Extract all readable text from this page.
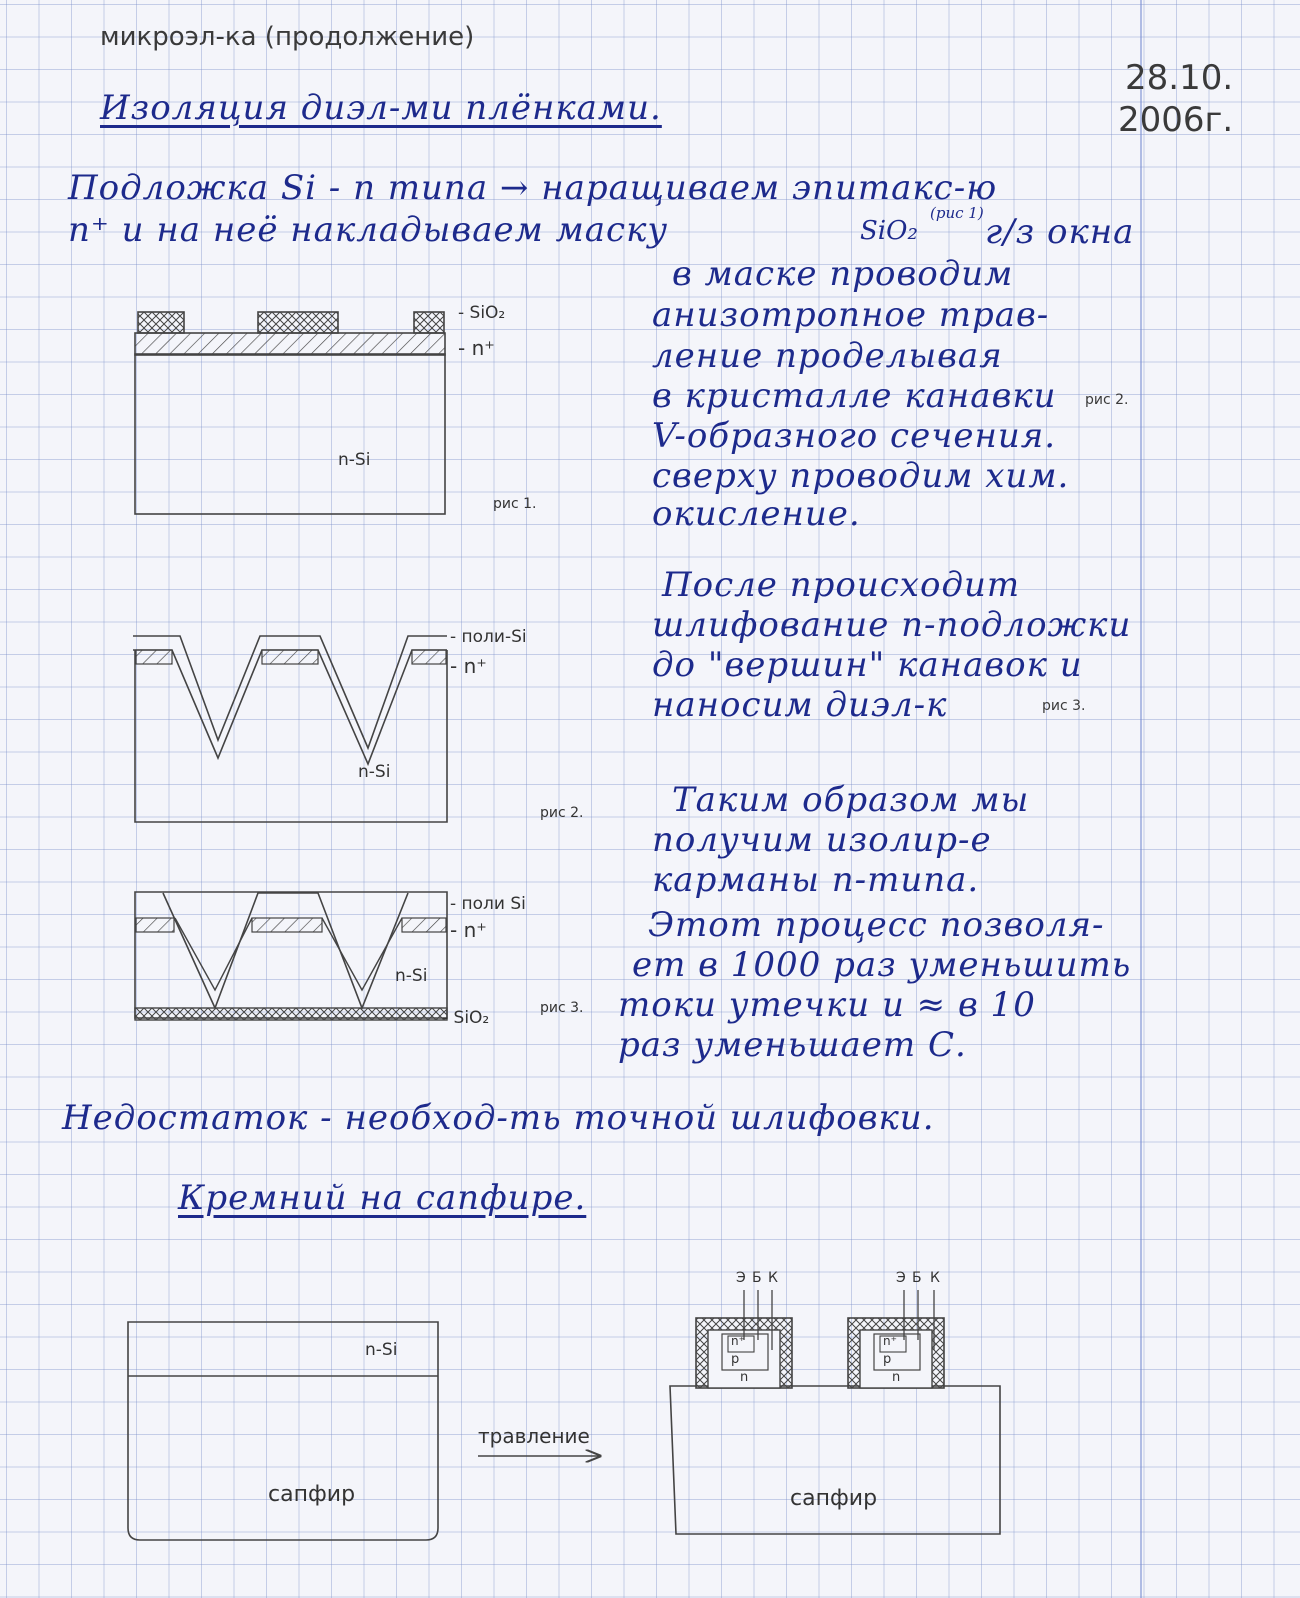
микроэл-ка (продолжение)
28.10.
2006г.
Изоляция диэл-ми плёнками.
Подложка Si - n типа → наращиваем эпитакс-ю
n⁺ и на неё накладываем маску	SiO₂
(рис 1) г/з окна
в маске проводим
анизотропное трав-
ление проделывая
в кристалле канавки
V-образного сечения.
сверху проводим хим.
окисление.
рис 2.
После происходит
шлифование n-подложки
до "вершин" канавок и
наносим диэл-к	рис 3.
Таким образом мы
получим изолир-е
карманы n-типа.
Этот процесс позволя-
ет в 1000 раз уменьшить
токи утечки и ≈ в 10
раз уменьшает С.
Недостаток - необход-ть точной шлифовки.
Кремний на сапфире.
- SiO₂
- n⁺
n-Si
рис 1.
- поли-Si
- n⁺
n-Si
рис 2.
- поли Si
- n⁺
n-Si
- SiO₂	рис 3.
n-Si
сапфир
травление
сапфир
Э Б К
n⁺
p
n
Э Б К
n⁺
p
n
